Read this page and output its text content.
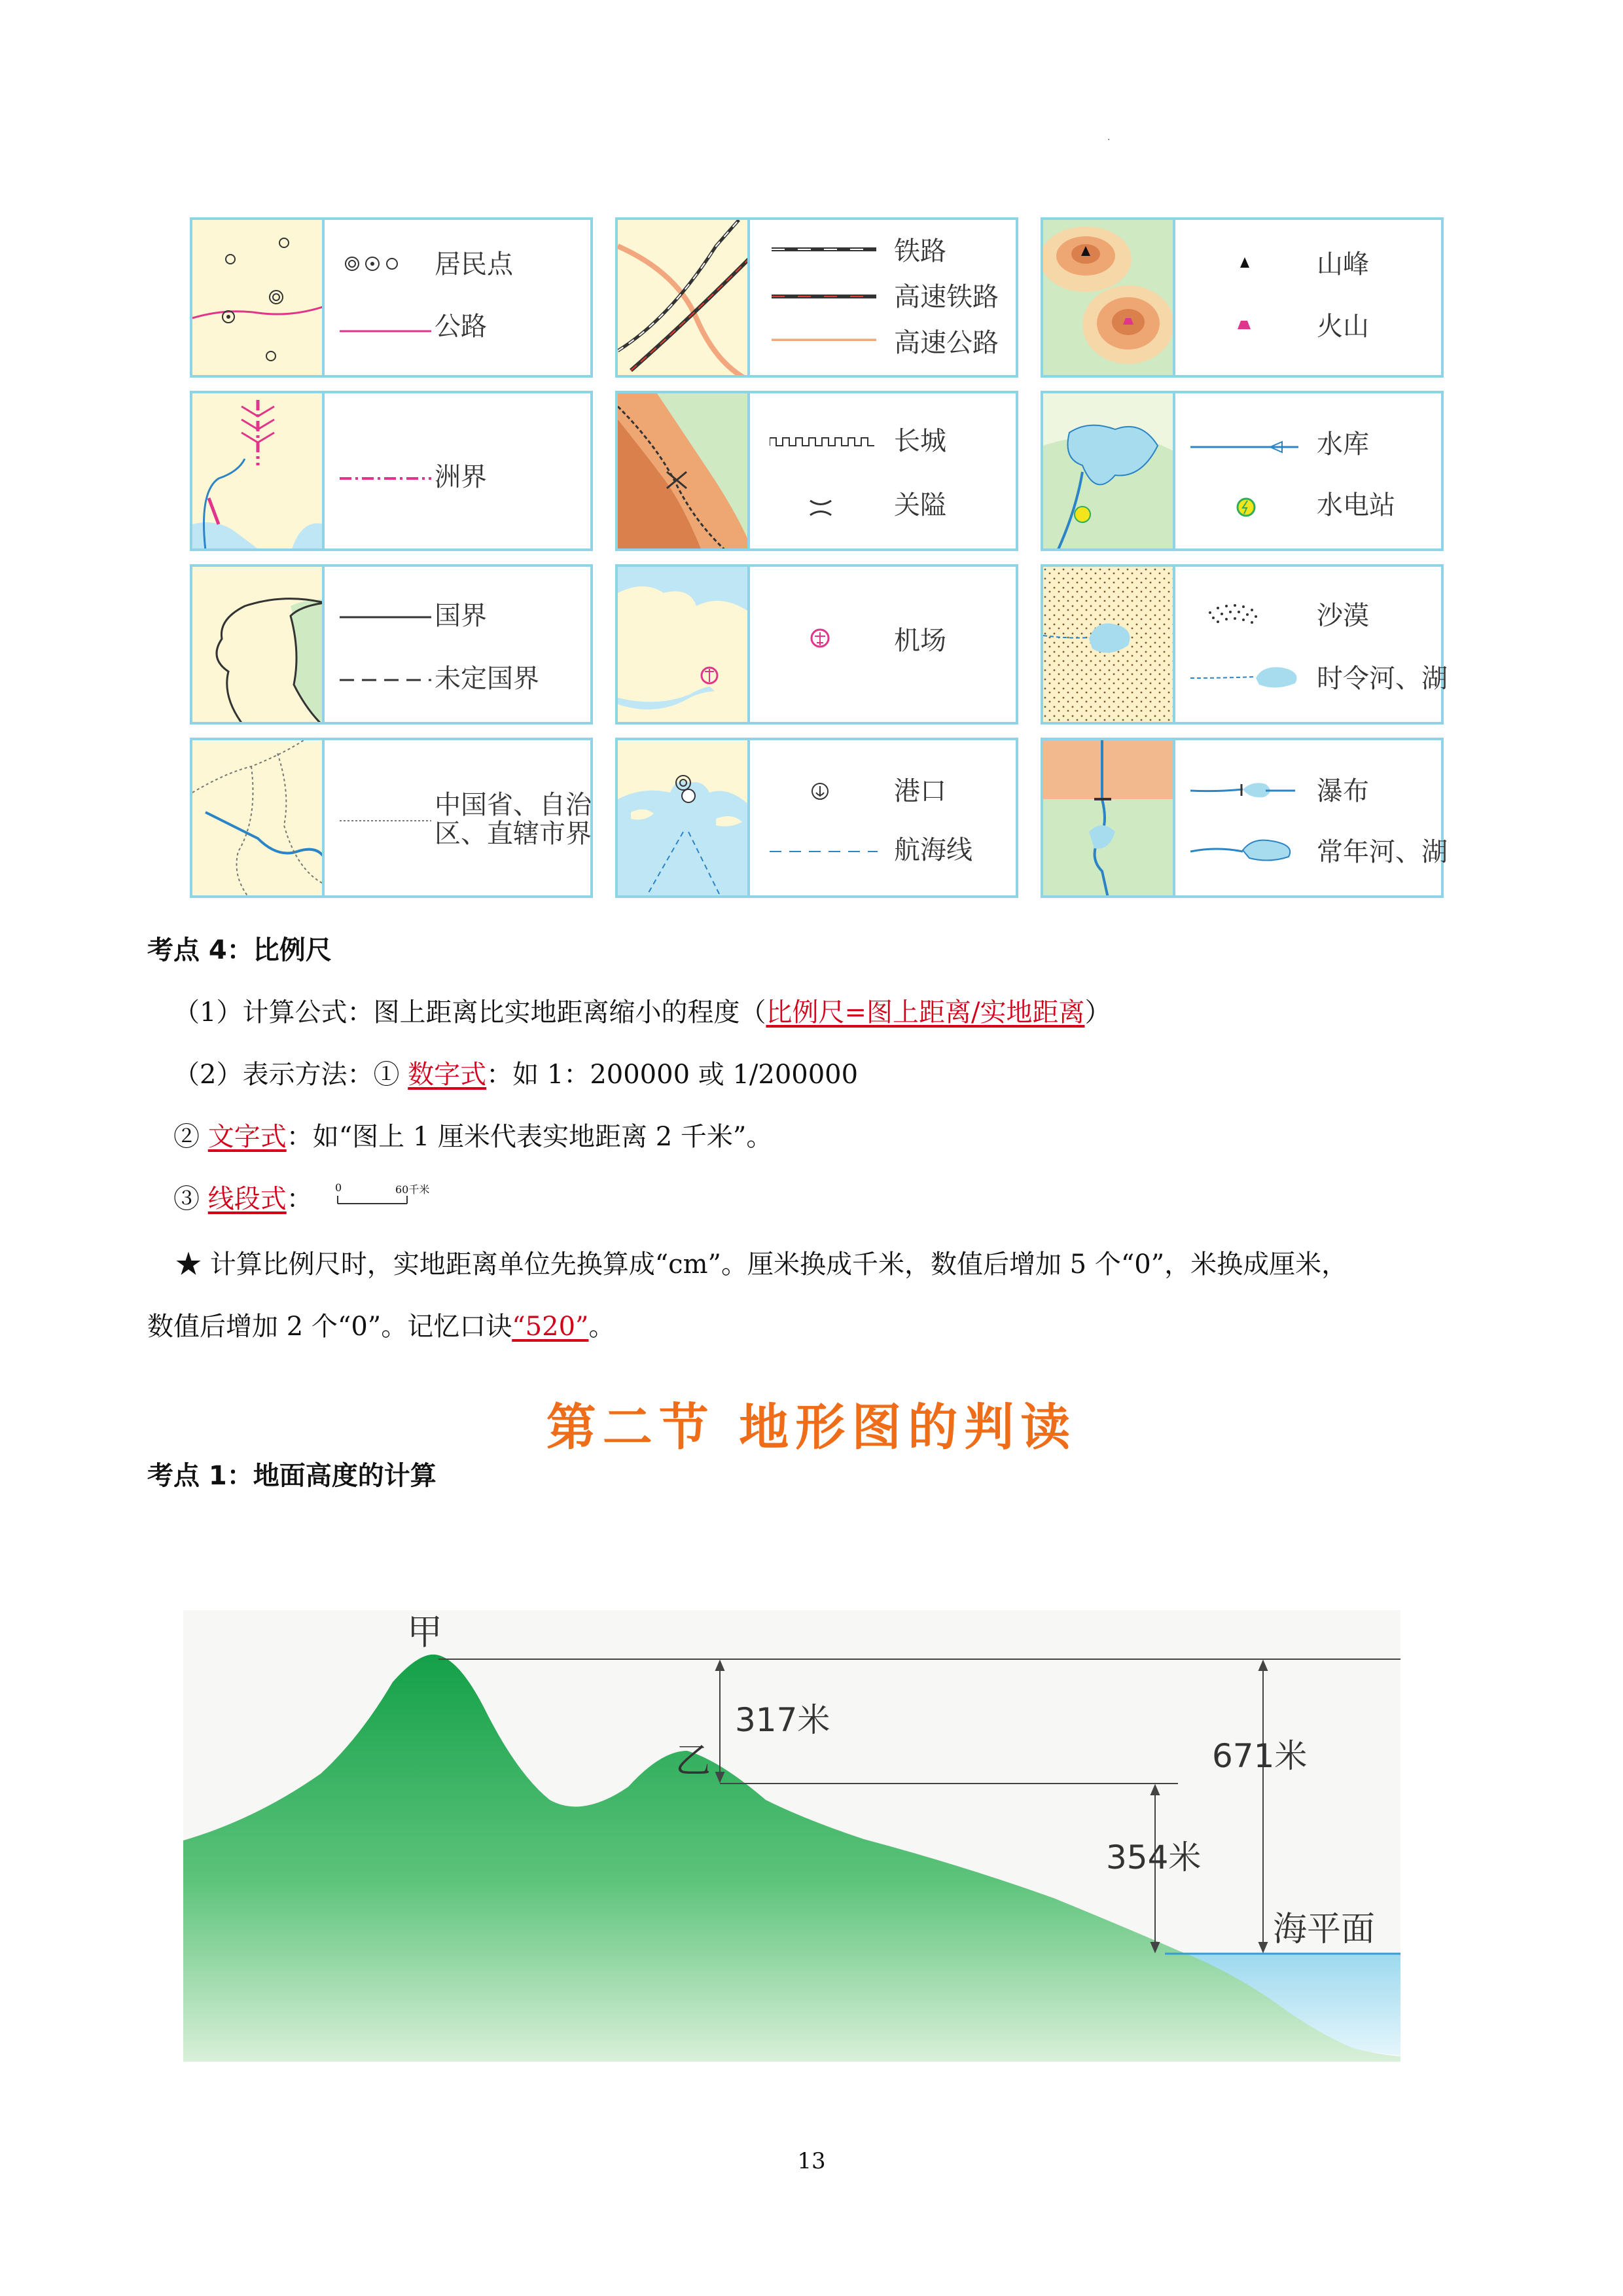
·
居民点
公路
铁路
高速铁路
高速公路
山峰
火山
洲界
长城
关隘
水库
水电站
国界
未定国界
机场
沙漠
时令河、湖
中国省、自治
区、直辖市界
港口
航海线
瀑布
常年河、湖
考点 4：比例尺
（1）计算公式：图上距离比实地距离缩小的程度（比例尺=图上距离/实地距离）
（2）表示方法：① 数字式：如 1：200000 或 1/200000
② 文字式：如“图上 1 厘米代表实地距离 2 千米”。
③ 线段式： 0	60千米
★ 计算比例尺时，实地距离单位先换算成“cm”。厘米换成千米，数值后增加 5 个“0”，米换成厘米，
数值后增加 2 个“0”。记忆口诀“520”。
第二节 地形图的判读
考点 1：地面高度的计算
甲
乙
317米
354米
671米
海平面
13
